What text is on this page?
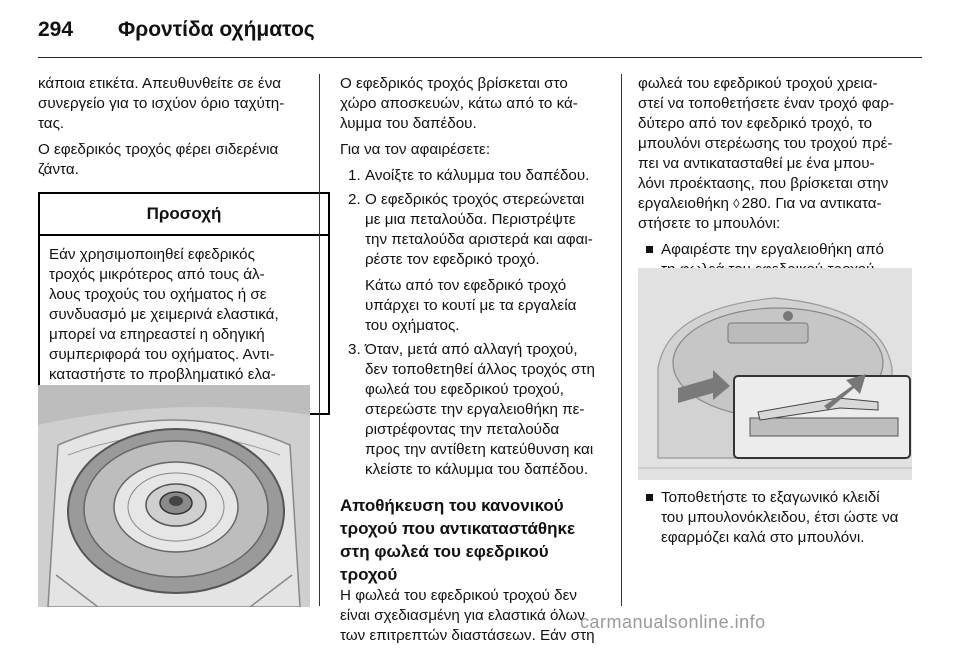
294 Φροντίδα οχήματος
κάποια ετικέτα. Απευθυνθείτε σε ένα
συνεργείο για το ισχύον όριο ταχύτη-
τας.
Ο εφεδρικός τροχός φέρει σιδερένια
ζάντα.
Προσοχή
Εάν χρησιμοποιηθεί εφεδρικός
τροχός μικρότερος από τους άλ-
λους τροχούς του οχήματος ή σε
συνδυασμό με χειμερινά ελαστικά,
μπορεί να επηρεαστεί η οδηγική
συμπεριφορά του οχήματος. Αντι-
καταστήστε το προβληματικό ελα-
Ο εφεδρικός τροχός βρίσκεται στο
χώρο αποσκευών, κάτω από το κά-
λυμμα του δαπέδου.
Για να τον αφαιρέσετε:
1. Ανοίξτε το κάλυμμα του δαπέδου.
2. Ο εφεδρικός τροχός στερεώνεται
με μια πεταλούδα. Περιστρέψτε
την πεταλούδα αριστερά και αφαι-
ρέστε τον εφεδρικό τροχό.
Κάτω από τον εφεδρικό τροχό
υπάρχει το κουτί με τα εργαλεία
του οχήματος.
3. Όταν, μετά από αλλαγή τροχού,
δεν τοποθετηθεί άλλος τροχός στη
φωλεά του εφεδρικού τροχού,
στερεώστε την εργαλειοθήκη πε-
ριστρέφοντας την πεταλούδα
προς την αντίθετη κατεύθυνση και
κλείστε το κάλυμμα του δαπέδου.
Αποθήκευση του κανονικού
τροχού που αντικαταστάθηκε
στη φωλεά του εφεδρικού
τροχού
Η φωλεά του εφεδρικού τροχού δεν
είναι σχεδιασμένη για ελαστικά όλων
των επιτρεπτών διαστάσεων. Εάν στη
φωλεά του εφεδρικού τροχού χρεια-
στεί να τοποθετήσετε έναν τροχό φαρ-
δύτερο από τον εφεδρικό τροχό, το
μπουλόνι στερέωσης του τροχού πρέ-
πει να αντικατασταθεί με ένα μπου-
λόνι προέκτασης, που βρίσκεται στην
εργαλειοθήκη ◊ 280. Για να αντικατα-
στήσετε το μπουλόνι:
Αφαιρέστε την εργαλειοθήκη από
Τοποθετήστε το εξαγωνικό κλειδί
του μπουλονόκλειδου, έτσι ώστε να
εφαρμόζει καλά στο μπουλόνι.
carmanualsonline.info
